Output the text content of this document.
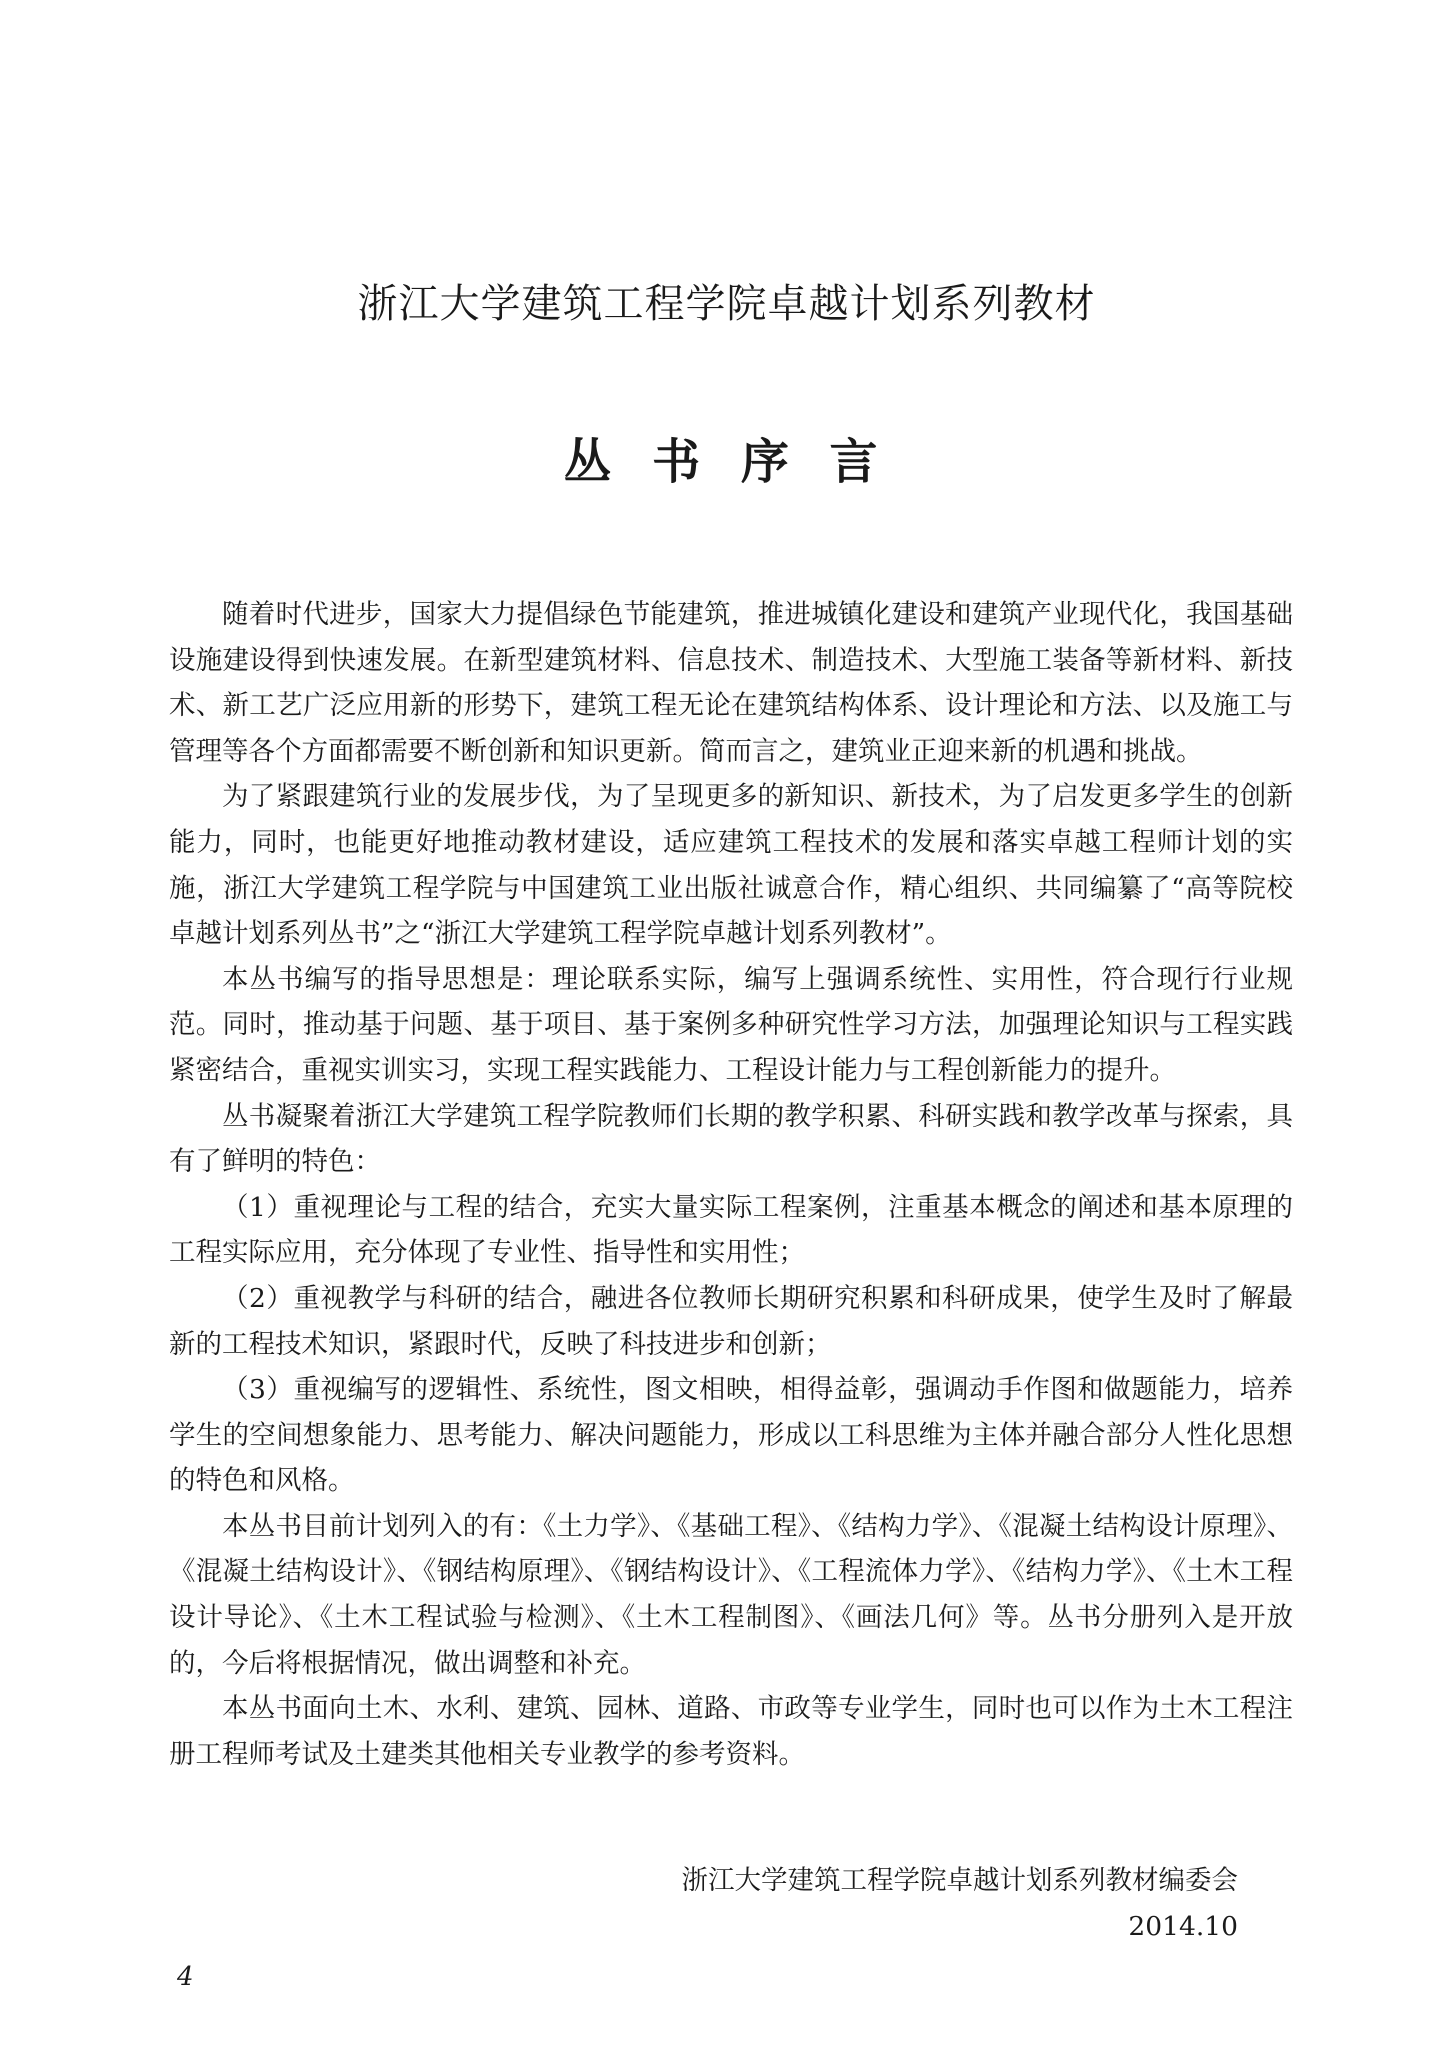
浙江大学建筑工程学院卓越计划系列教材
丛 书 序 言

随着时代进步，国家大力提倡绿色节能建筑，推进城镇化建设和建筑产业现代化，我国基础设施建设得到快速发展。在新型建筑材料、信息技术、制造技术、大型施工装备等新材料、新技术、新工艺广泛应用新的形势下，建筑工程无论在建筑结构体系、设计理论和方法、以及施工与管理等各个方面都需要不断创新和知识更新。简而言之，建筑业正迎来新的机遇和挑战。

为了紧跟建筑行业的发展步伐，为了呈现更多的新知识、新技术，为了启发更多学生的创新能力，同时，也能更好地推动教材建设，适应建筑工程技术的发展和落实卓越工程师计划的实施，浙江大学建筑工程学院与中国建筑工业出版社诚意合作，精心组织、共同编纂了“高等院校卓越计划系列丛书”之“浙江大学建筑工程学院卓越计划系列教材”。

本丛书编写的指导思想是：理论联系实际，编写上强调系统性、实用性，符合现行行业规范。同时，推动基于问题、基于项目、基于案例多种研究性学习方法，加强理论知识与工程实践紧密结合，重视实训实习，实现工程实践能力、工程设计能力与工程创新能力的提升。

丛书凝聚着浙江大学建筑工程学院教师们长期的教学积累、科研实践和教学改革与探索，具有了鲜明的特色：

（1）重视理论与工程的结合，充实大量实际工程案例，注重基本概念的阐述和基本原理的工程实际应用，充分体现了专业性、指导性和实用性；

（2）重视教学与科研的结合，融进各位教师长期研究积累和科研成果，使学生及时了解最新的工程技术知识，紧跟时代，反映了科技进步和创新；

（3）重视编写的逻辑性、系统性，图文相映，相得益彰，强调动手作图和做题能力，培养学生的空间想象能力、思考能力、解决问题能力，形成以工科思维为主体并融合部分人性化思想的特色和风格。

本丛书目前计划列入的有：《土力学》、《基础工程》、《结构力学》、《混凝土结构设计原理》、《混凝土结构设计》、《钢结构原理》、《钢结构设计》、《工程流体力学》、《结构力学》、《土木工程设计导论》、《土木工程试验与检测》、《土木工程制图》、《画法几何》等。丛书分册列入是开放的，今后将根据情况，做出调整和补充。

本丛书面向土木、水利、建筑、园林、道路、市政等专业学生，同时也可以作为土木工程注册工程师考试及土建类其他相关专业教学的参考资料。

浙江大学建筑工程学院卓越计划系列教材编委会
2014.10
4
